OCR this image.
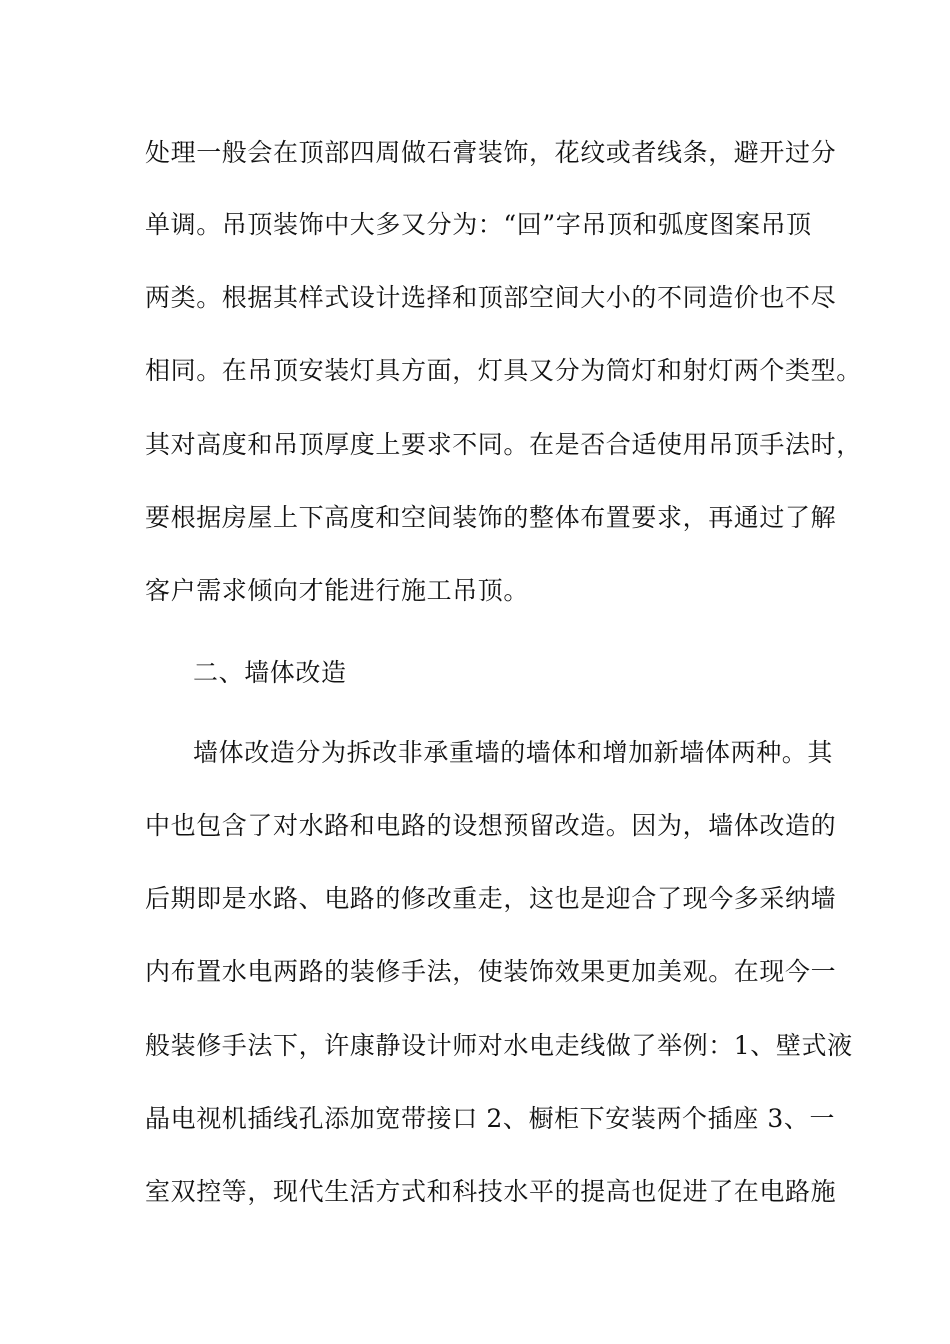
处理一般会在顶部四周做石膏装饰，花纹或者线条，避开过分
单调。吊顶装饰中大多又分为：“回”字吊顶和弧度图案吊顶
两类。根据其样式设计选择和顶部空间大小的不同造价也不尽
相同。在吊顶安装灯具方面，灯具又分为筒灯和射灯两个类型。
其对高度和吊顶厚度上要求不同。在是否合适使用吊顶手法时，
要根据房屋上下高度和空间装饰的整体布置要求，再通过了解
客户需求倾向才能进行施工吊顶。
二、墙体改造
墙体改造分为拆改非承重墙的墙体和增加新墙体两种。其
中也包含了对水路和电路的设想预留改造。因为，墙体改造的
后期即是水路、电路的修改重走，这也是迎合了现今多采纳墙
内布置水电两路的装修手法，使装饰效果更加美观。在现今一
般装修手法下，许康静设计师对水电走线做了举例：1、壁式液
晶电视机插线孔添加宽带接口 2、橱柜下安装两个插座 3、一
室双控等，现代生活方式和科技水平的提高也促进了在电路施
